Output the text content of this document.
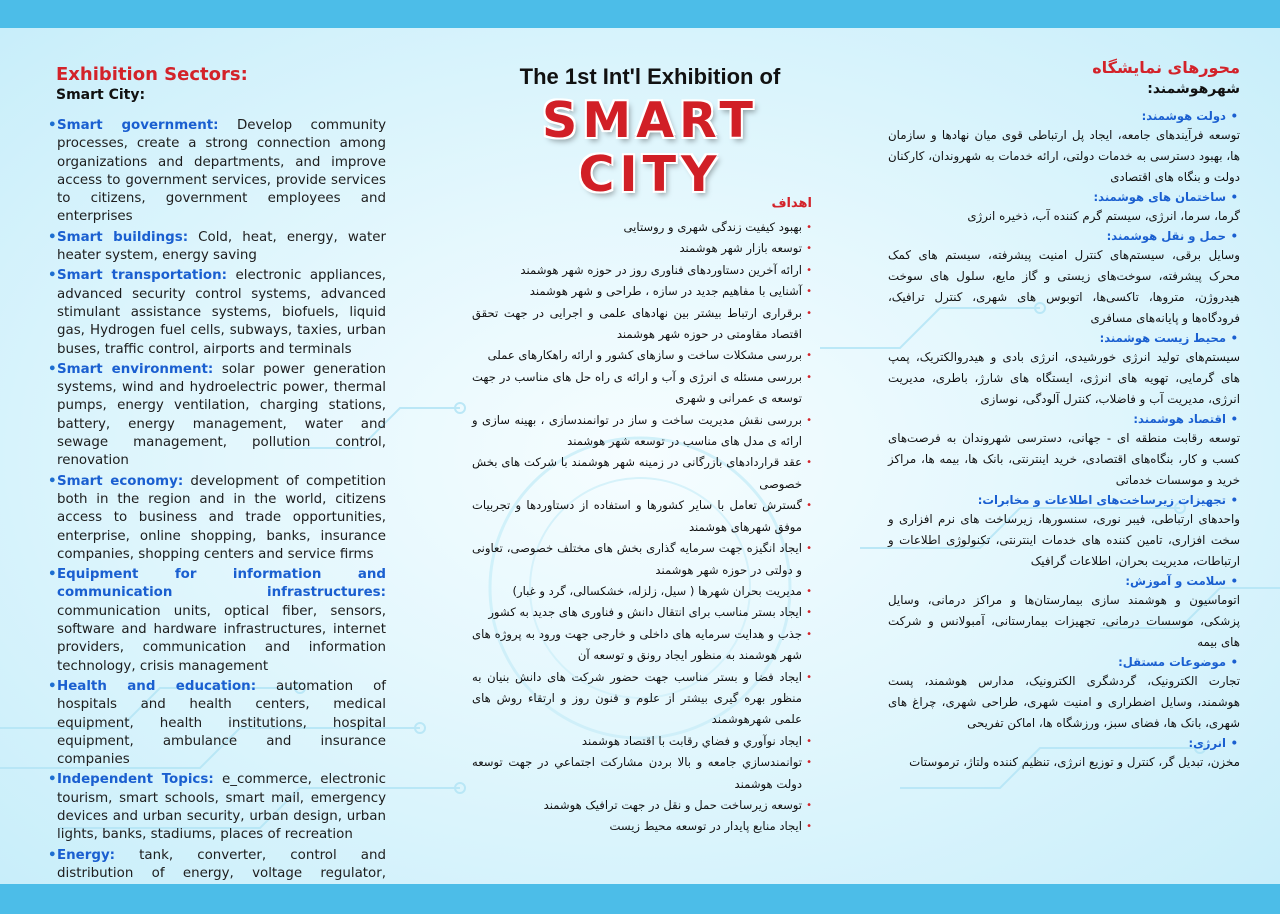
Exhibition Sectors:
Smart City:
• Smart government: Develop community processes, create a strong connection among organizations and departments, and improve access to government services, provide services to citizens, government employees and enterprises
• Smart buildings: Cold, heat, energy, water heater system, energy saving
• Smart transportation: electronic appliances, advanced security control systems, advanced stimulant assistance systems, biofuels, liquid gas, Hydrogen fuel cells, subways, taxies, urban buses, traffic control, airports and terminals
• Smart environment: solar power generation systems, wind and hydroelectric power, thermal pumps, energy ventilation, charging stations, battery, energy management, water and sewage management, pollution control, renovation
• Smart economy: development of competition both in the region and in the world, citizens access to business and trade opportunities, enterprise, online shopping, banks, insurance companies, shopping centers and service firms
• Equipment for information and communication infrastructures: communication units, optical fiber, sensors, software and hardware infrastructures, internet providers, communication and information technology, crisis management
• Health and education: automation of hospitals and health centers, medical equipment, health institutions, hospital equipment, ambulance and insurance companies
• Independent Topics: e_commerce, electronic tourism, smart schools, smart mail, emergency devices and urban security, urban design, urban lights, banks, stadiums, places of recreation
• Energy: tank, converter, control and distribution of energy, voltage regulator,
The 1st Int'l Exhibition of
SMART CITY
اهداف
•
بهبود کیفیت زندگی شهری و روستایی
•
توسعه بازار شهر هوشمند
•
ارائه آخرین دستاوردهای فناوری روز در حوزه شهر هوشمند
•
آشنایی با مفاهیم جدید در سازه ، طراحی و شهر هوشمند
•
برقراری ارتباط بیشتر بین نهادهای علمی و اجرایی در جهت تحقق اقتصاد مقاومتی در حوزه شهر هوشمند
•
بررسی مشکلات ساخت و سازهای کشور و ارائه راهکارهای عملی
•
بررسی مسئله ی انرژی و آب و ارائه ی راه حل های مناسب در جهت توسعه ی عمرانی و شهری
•
بررسی نقش مدیریت ساخت و ساز در توانمندسازی ، بهینه سازی و ارائه ی مدل های مناسب در توسعه شهر هوشمند
•
عقد قراردادهای بازرگانی در زمینه شهر هوشمند با شرکت های بخش خصوصی
•
گسترش تعامل با سایر کشورها و استفاده از دستاوردها و تجربیات موفق شهرهای هوشمند
•
ایجاد انگیزه جهت سرمایه گذاری بخش های مختلف خصوصی، تعاونی و دولتی در حوزه شهر هوشمند
•
مدیریت بحران شهرها ( سیل، زلزله، خشکسالی، گرد و غبار)
•
ایجاد بستر مناسب برای انتقال دانش و فناوری های جدید به کشور
•
جذب و هدایت سرمایه های داخلی و خارجی جهت ورود به پروژه های شهر هوشمند به منظور ایجاد رونق و توسعه آن
•
ایجاد فضا و بستر مناسب جهت حضور شرکت های دانش بنیان به منظور بهره گیری بیشتر از علوم و فنون روز و ارتقاء روش های علمی شهرهوشمند
•
ایجاد نوآوري و فضاي رقابت با اقتصاد هوشمند
•
توانمندسازي جامعه و بالا بردن مشارکت اجتماعي در جهت توسعه دولت هوشمند
•
توسعه زیرساخت حمل و نقل در جهت ترافیک هوشمند
•
ایجاد منابع پایدار در توسعه محیط زیست
محورهای نمایشگاه
شهرهوشمند:
•
دولت هوشمند:
توسعه فرآیندهای جامعه، ایجاد پل ارتباطی قوی میان نهادها و سازمان ها، بهبود دسترسی به خدمات دولتی، ارائه خدمات به شهروندان، کارکنان دولت و بنگاه های اقتصادی
•
ساختمان های هوشمند:
گرما، سرما، انرژی، سیستم گرم کننده آب، ذخیره انرژی
•
حمل و نقل هوشمند:
وسایل برقی، سیستم‌های کنترل امنیت پیشرفته، سیستم های کمک محرک پیشرفته، سوخت‌های زیستی و گاز مایع، سلول های سوخت هیدروژن، متروها، تاکسی‌ها، اتوبوس های شهری، کنترل ترافیک، فرودگاه‌ها و پایانه‌های مسافری
•
محیط زیست هوشمند:
سیستم‌های تولید انرژی خورشیدی، انرژی بادی و هیدروالکتریک، پمپ های گرمایی، تهویه های انرژی، ایستگاه های شارژ، باطری، مدیریت انرژی، مدیریت آب و فاضلاب، کنترل آلودگی، نوسازی
•
اقتصاد هوشمند:
توسعه رقابت منطقه ای - جهانی، دسترسی شهروندان به فرصت‌های کسب و کار، بنگاه‌های اقتصادی، خرید اینترنتی، بانک ها، بیمه ها، مراکز خرید و موسسات خدماتی
•
تجهیزات زیرساخت‌های اطلاعات و مخابرات:
واحدهای ارتباطی، فیبر نوری، سنسورها، زیرساخت های نرم افزاری و سخت افزاری، تامین کننده های خدمات اینترنتی، تکنولوژی اطلاعات و ارتباطات، مدیریت بحران، اطلاعات گرافیک
•
سلامت و آموزش:
اتوماسیون و هوشمند سازی بیمارستان‌ها و مراکز درمانی، وسایل پزشکی، موسسات درمانی، تجهیزات بیمارستانی، آمبولانس و شرکت های بیمه
•
موضوعات مستقل:
تجارت الکترونیک، گردشگری الکترونیک، مدارس هوشمند، پست هوشمند، وسایل اضطراری و امنیت شهری، طراحی شهری، چراغ های شهری، بانک ها، فضای سبز، ورزشگاه ها، اماکن تفریحی
•
انرژی:
مخزن، تبدیل گر، کنترل و توزیع انرژی، تنظیم کننده ولتاژ، ترموستات
